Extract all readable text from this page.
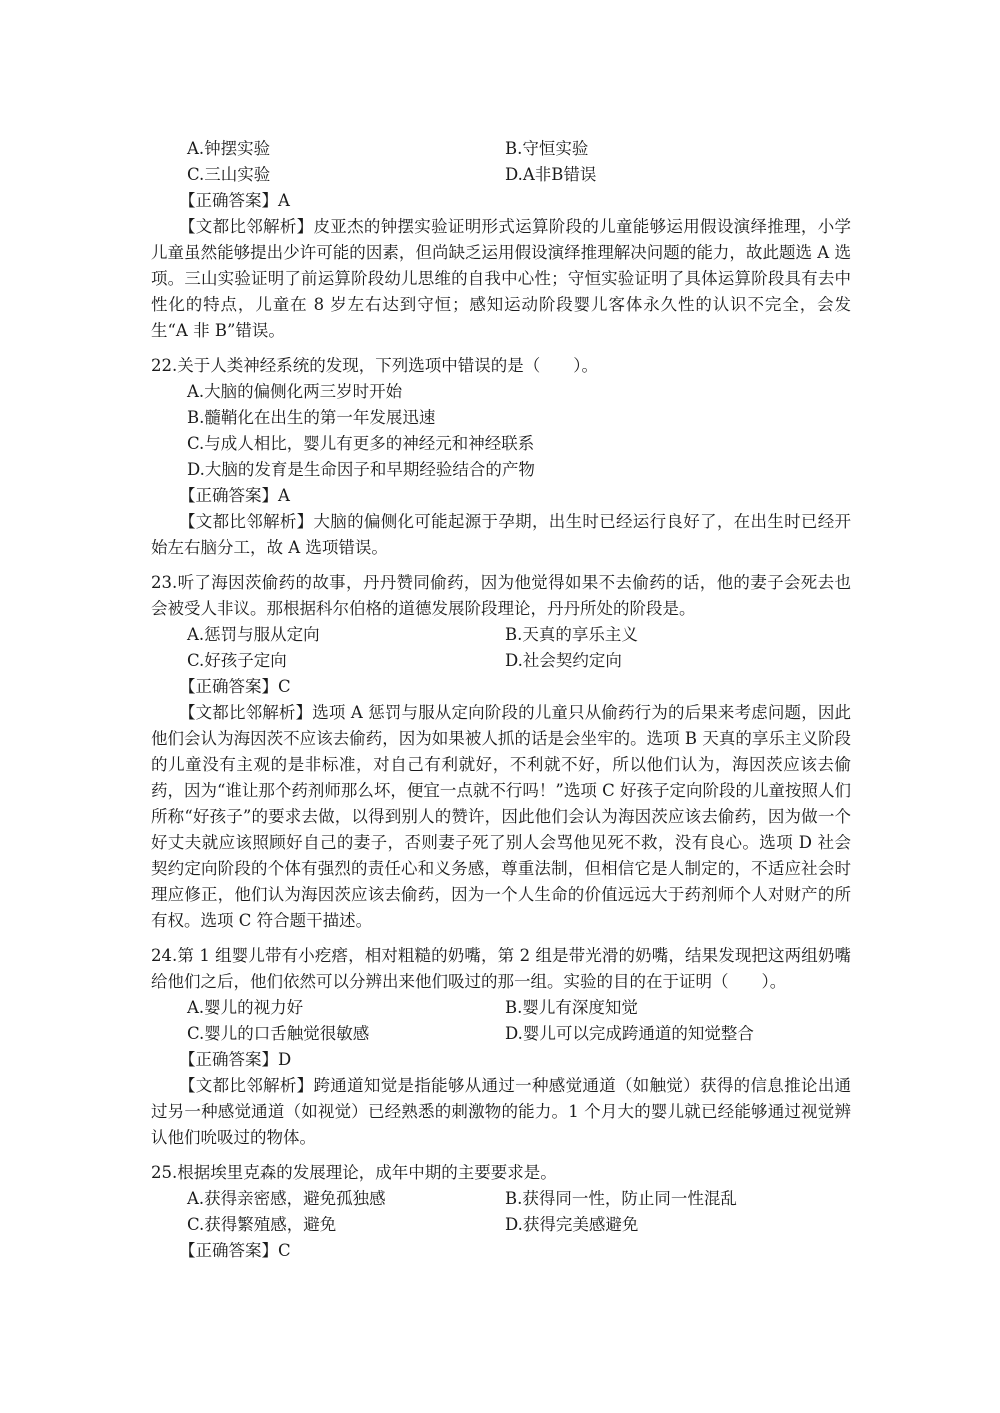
A.钟摆实验	B.守恒实验
C.三山实验	D.A非B错误
【正确答案】A
【文都比邻解析】皮亚杰的钟摆实验证明形式运算阶段的儿童能够运用假设演绎推理，小学儿童虽然能够提出少许可能的因素，但尚缺乏运用假设演绎推理解决问题的能力，故此题选 A 选项。三山实验证明了前运算阶段幼儿思维的自我中心性；守恒实验证明了具体运算阶段具有去中性化的特点，儿童在 8 岁左右达到守恒；感知运动阶段婴儿客体永久性的认识不完全，会发生“A 非 B”错误。
22.关于人类神经系统的发现，下列选项中错误的是（　　）。
A.大脑的偏侧化两三岁时开始
B.髓鞘化在出生的第一年发展迅速
C.与成人相比，婴儿有更多的神经元和神经联系
D.大脑的发育是生命因子和早期经验结合的产物
【正确答案】A
【文都比邻解析】大脑的偏侧化可能起源于孕期，出生时已经运行良好了，在出生时已经开始左右脑分工，故 A 选项错误。
23.听了海因茨偷药的故事，丹丹赞同偷药，因为他觉得如果不去偷药的话，他的妻子会死去也会被受人非议。那根据科尔伯格的道德发展阶段理论，丹丹所处的阶段是。
A.惩罚与服从定向	B.天真的享乐主义
C.好孩子定向	D.社会契约定向
【正确答案】C
【文都比邻解析】选项 A 惩罚与服从定向阶段的儿童只从偷药行为的后果来考虑问题，因此他们会认为海因茨不应该去偷药，因为如果被人抓的话是会坐牢的。选项 B 天真的享乐主义阶段的儿童没有主观的是非标准，对自己有利就好，不利就不好，所以他们认为，海因茨应该去偷药，因为“谁让那个药剂师那么坏，便宜一点就不行吗！”选项 C 好孩子定向阶段的儿童按照人们所称“好孩子”的要求去做，以得到别人的赞许，因此他们会认为海因茨应该去偷药，因为做一个好丈夫就应该照顾好自己的妻子，否则妻子死了别人会骂他见死不救，没有良心。选项 D 社会契约定向阶段的个体有强烈的责任心和义务感，尊重法制，但相信它是人制定的，不适应社会时理应修正，他们认为海因茨应该去偷药，因为一个人生命的价值远远大于药剂师个人对财产的所有权。选项 C 符合题干描述。
24.第 1 组婴儿带有小疙瘩，相对粗糙的奶嘴，第 2 组是带光滑的奶嘴，结果发现把这两组奶嘴给他们之后，他们依然可以分辨出来他们吸过的那一组。实验的目的在于证明（　　）。
A.婴儿的视力好	B.婴儿有深度知觉
C.婴儿的口舌触觉很敏感	D.婴儿可以完成跨通道的知觉整合
【正确答案】D
【文都比邻解析】跨通道知觉是指能够从通过一种感觉通道（如触觉）获得的信息推论出通过另一种感觉通道（如视觉）已经熟悉的刺激物的能力。1 个月大的婴儿就已经能够通过视觉辨认他们吮吸过的物体。
25.根据埃里克森的发展理论，成年中期的主要要求是。
A.获得亲密感，避免孤独感	B.获得同一性，防止同一性混乱
C.获得繁殖感，避免	D.获得完美感避免
【正确答案】C
